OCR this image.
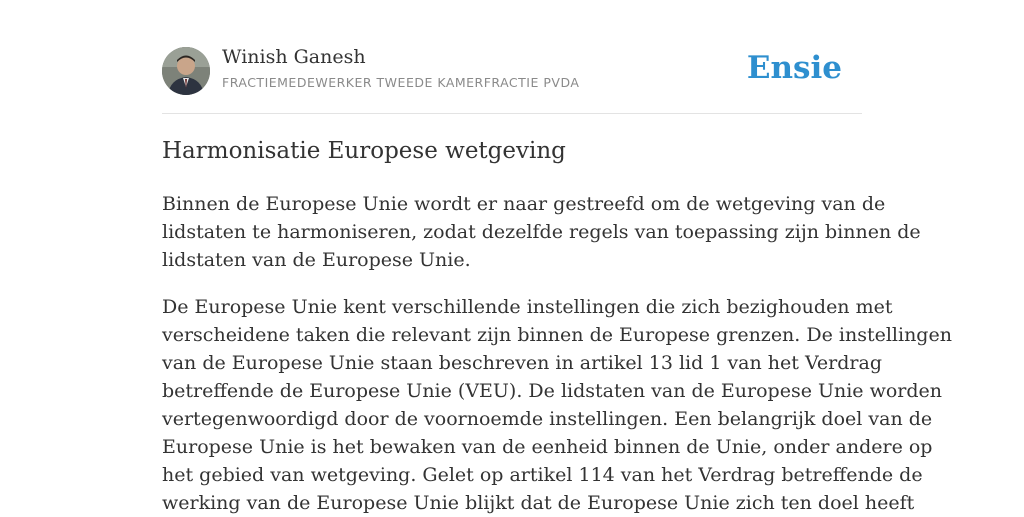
Winish Ganesh
FRACTIEMEDEWERKER TWEEDE KAMERFRACTIE PVDA	Ensie
Harmonisatie Europese wetgeving

Binnen de Europese Unie wordt er naar gestreefd om de wetgeving van de
lidstaten te harmoniseren, zodat dezelfde regels van toepassing zijn binnen de
lidstaten van de Europese Unie.

De Europese Unie kent verschillende instellingen die zich bezighouden met
verscheidene taken die relevant zijn binnen de Europese grenzen. De instellingen
van de Europese Unie staan beschreven in artikel 13 lid 1 van het Verdrag
betreffende de Europese Unie (VEU). De lidstaten van de Europese Unie worden
vertegenwoordigd door de voornoemde instellingen. Een belangrijk doel van de
Europese Unie is het bewaken van de eenheid binnen de Unie, onder andere op
het gebied van wetgeving. Gelet op artikel 114 van het Verdrag betreffende de
werking van de Europese Unie blijkt dat de Europese Unie zich ten doel heeft
